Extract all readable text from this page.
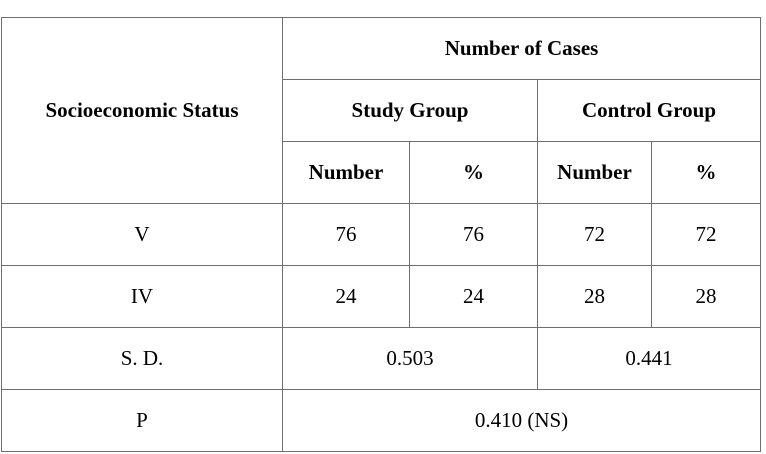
Socioeconomic Status	Number of Cases			
	Study Group		Control Group	
	Number	%	Number	%
V	76	76	72	72
IV	24	24	28	28
S. D.	0.503		0.441	
P	0.410 (NS)			
